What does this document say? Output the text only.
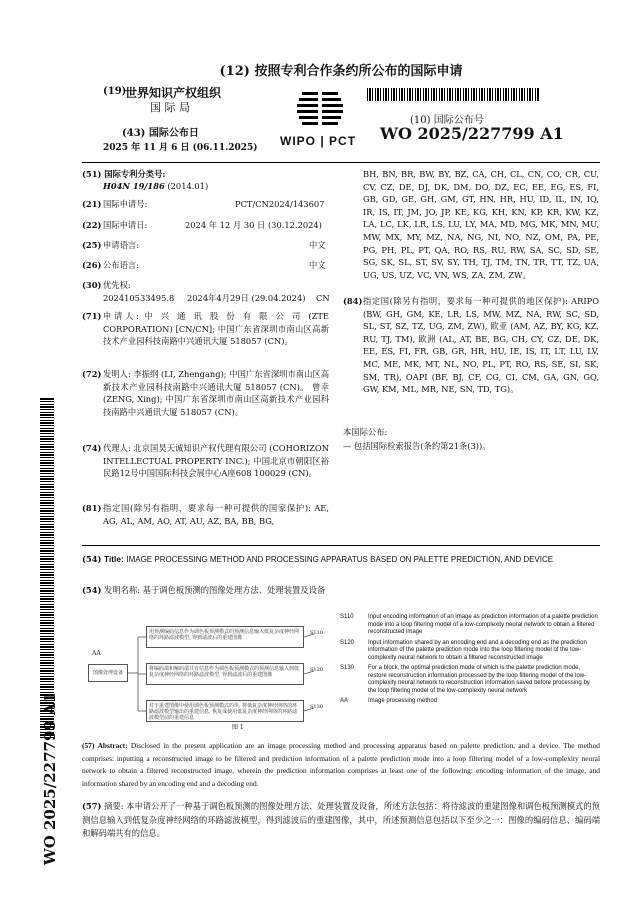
(12) 按照专利合作条约所公布的国际申请
(19)
世界知识产权组织
国 际 局
(43) 国际公布日
2025 年 11 月 6 日 (06.11.2025) WIPO | PCT
(10) 国际公布号
WO 2025/227799 A1
WO 2025/227799 A1
(51) 国际专利分类号:
H04N 19/186 (2014.01)
(21) 国际申请号:	PCT/CN2024/143607
(22) 国际申请日:	2024 年 12 月 30 日 (30.12.2024)
(25) 申请语言:	中文
(26) 公布语言:	中文
(30) 优先权:
202410533495.8 2024年4月29日 (29.04.2024) CN
(71) 申请人: 中 兴 通 讯 股 份 有 限 公 司 (ZTE CORPORATION) [CN/CN]; 中国广东省深圳市南山区高新技术产业园科技南路中兴通讯大厦 518057 (CN)。
(72) 发明人: 李振纲 (LI, Zhengang); 中国广东省深圳市南山区高新技术产业园科技南路中兴通讯大厦 518057 (CN)。 曾幸 (ZENG, Xing); 中国广东省深圳市南山区高新技术产业园科技南路中兴通讯大厦 518057 (CN)。
(74) 代理人: 北京国昊天诚知识产权代理有限公司 (COHORIZON INTELLECTUAL PROPERTY INC.); 中国北京市朝阳区裕民路12号中国国际科技会展中心A座608 100029 (CN)。
(81) 指定国(除另有指明，要求每一种可提供的国家保护): AE, AG, AL, AM, AO, AT, AU, AZ, BA, BB, BG,
BH, BN, BR, BW, BY, BZ, CA, CH, CL, CN, CO, CR, CU, CV, CZ, DE, DJ, DK, DM, DO, DZ, EC, EE, EG, ES, FI, GB, GD, GE, GH, GM, GT, HN, HR, HU, ID, IL, IN, IQ, IR, IS, IT, JM, JO, JP, KE, KG, KH, KN, KP, KR, KW, KZ, LA, LC, LK, LR, LS, LU, LY, MA, MD, MG, MK, MN, MU, MW, MX, MY, MZ, NA, NG, NI, NO, NZ, OM, PA, PE, PG, PH, PL, PT, QA, RO, RS, RU, RW, SA, SC, SD, SE, SG, SK, SL, ST, SV, SY, TH, TJ, TM, TN, TR, TT, TZ, UA, UG, US, UZ, VC, VN, WS, ZA, ZM, ZW。
(84) 指定国(除另有指明，要求每一种可提供的地区保护): ARIPO (BW, GH, GM, KE, LR, LS, MW, MZ, NA, RW, SC, SD, SL, ST, SZ, TZ, UG, ZM, ZW), 欧亚 (AM, AZ, BY, KG, KZ, RU, TJ, TM), 欧洲 (AL, AT, BE, BG, CH, CY, CZ, DE, DK, EE, ES, FI, FR, GB, GR, HR, HU, IE, IS, IT, LT, LU, LV, MC, ME, MK, MT, NL, NO, PL, PT, RO, RS, SE, SI, SK, SM, TR), OAPI (BF, BJ, CF, CG, CI, CM, GA, GN, GQ, GW, KM, ML, MR, NE, SN, TD, TG)。
本国际公布:
— 包括国际检索报告(条约第21条(3))。
(54) Title: IMAGE PROCESSING METHOD AND PROCESSING APPARATUS BASED ON PALETTE PREDICTION, AND DEVICE
(54) 发明名称: 基于调色板预测的图像处理方法、处理装置及设备
AA
图像处理设备
用预测编码信息作为调色板预测模式的预测信息输入低复杂度神经网络的环路滤波模型, 得到滤波后的重建图像
将编码端和解码端共有信息作为调色板预测模式的预测信息输入到低复杂度神经网络的环路滤波模型, 得到滤波后的重建图像
对于重建图像中使用调色板预测模式的块, 将低复杂度神经网络的环路滤波模型输出的重建信息, 恢复成使用低复杂度神经网络的环路滤波模型前的重建信息
S110
S120
S130
图 1
S110	Input encoding information of an image as prediction information of a palette prediction mode into a loop filtering model of a low-complexity neural network to obtain a filtered reconstructed image
S120	Input information shared by an encoding end and a decoding end as the prediction information of the palette prediction mode into the loop filtering model of the low-complexity neural network to obtain a filtered reconstructed image
S130	For a block, the optimal prediction mode of which is the palette prediction mode, restore reconstruction information processed by the loop filtering model of the low-complexity neural network to reconstruction information saved before processing by the loop filtering model of the low-complexity neural network
AA	Image processing method
(57) Abstract: Disclosed in the present application are an image processing method and processing apparatus based on palette prediction, and a device. The method comprises: inputting a reconstructed image to be filtered and prediction information of a palette prediction mode into a loop filtering model of a low-complexity neural network to obtain a filtered reconstructed image, wherein the prediction information comprises at least one of the following: encoding information of the image, and information shared by an encoding end and a decoding end.
(57) 摘要: 本申请公开了一种基于调色板预测的图像处理方法、处理装置及设备，所述方法包括：将待滤波的重建图像和调色板预测模式的预测信息输入到低复杂度神经网络的环路滤波模型，得到滤波后的重建图像，其中，所述预测信息包括以下至少之一：图像的编码信息、编码端和解码端共有的信息。
